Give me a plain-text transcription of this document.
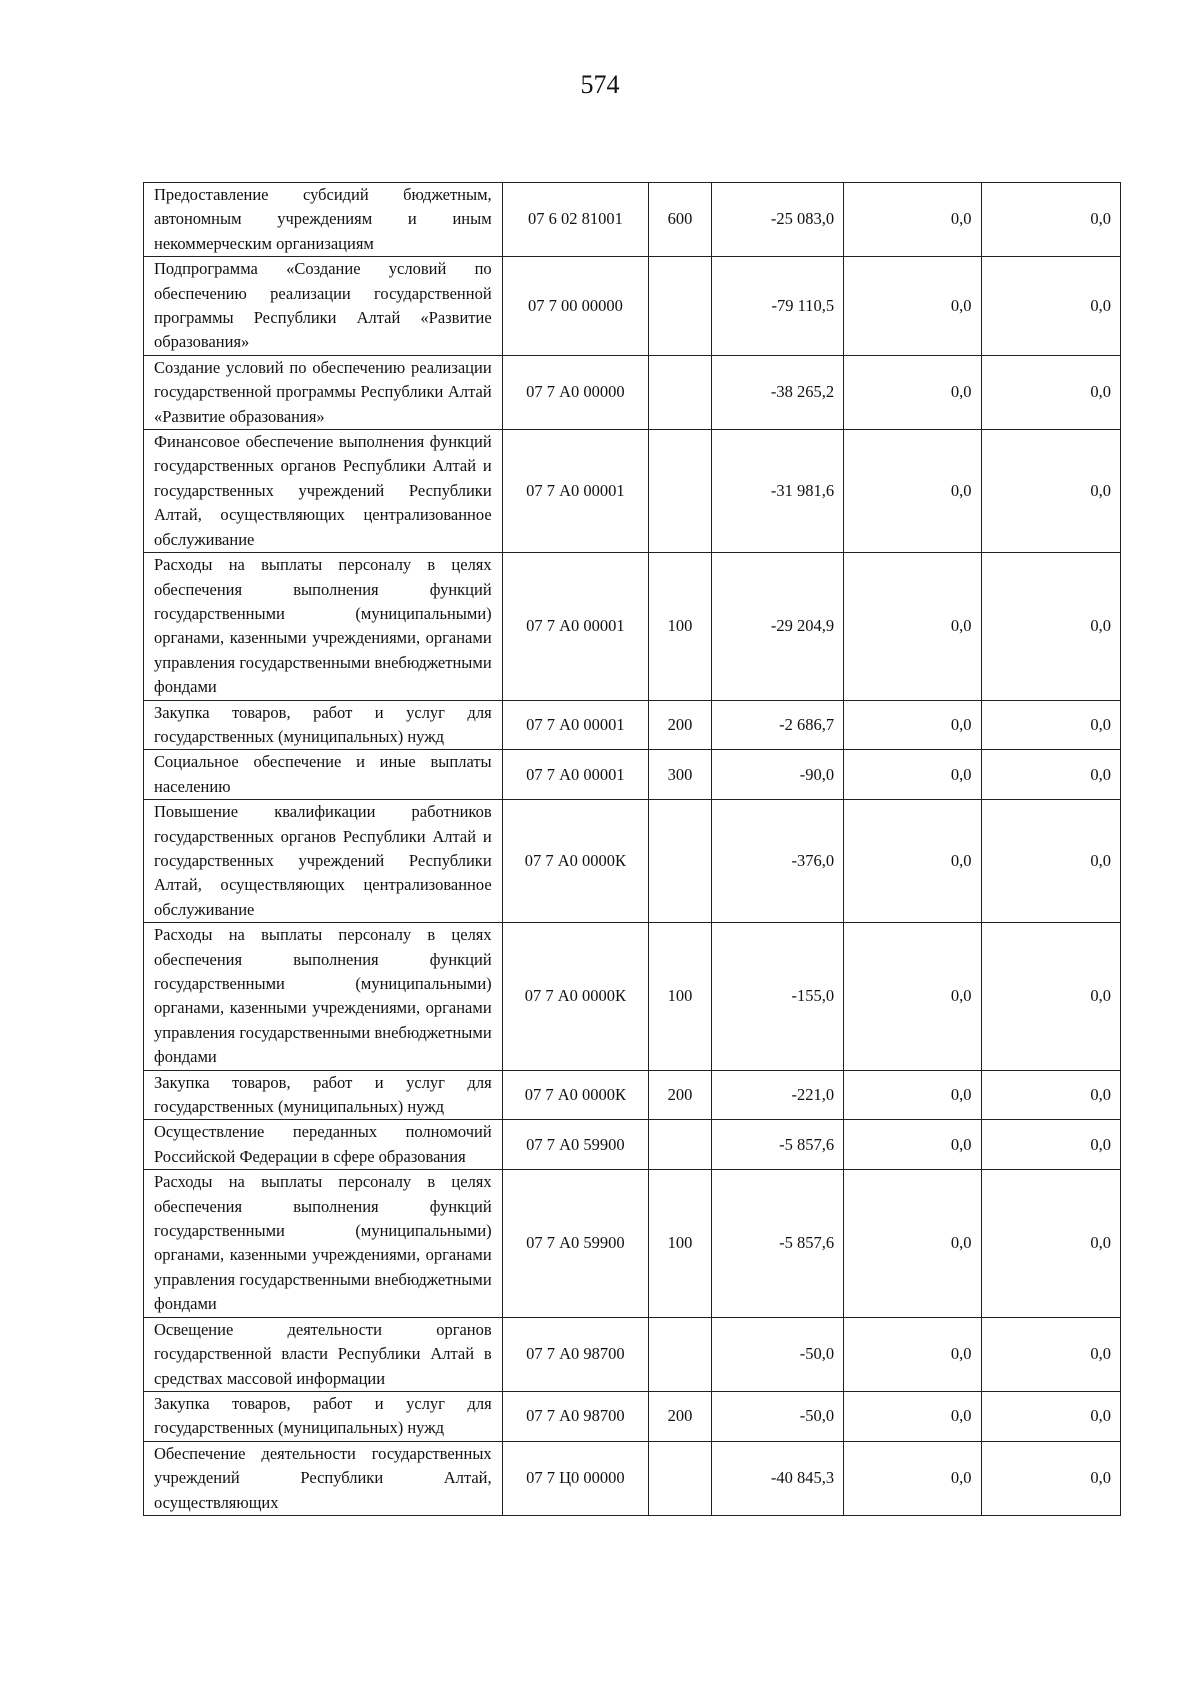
574
Предоставление субсидий бюджетным, автономным учреждениям и иным некоммерческим организациям	07 6 02 81001	600	-25 083,0	0,0	0,0
Подпрограмма «Создание условий по обеспечению реализации государственной программы Республики Алтай «Развитие образования»	07 7 00 00000		-79 110,5	0,0	0,0
Создание условий по обеспечению реализации государственной программы Республики Алтай «Развитие образования»	07 7 А0 00000		-38 265,2	0,0	0,0
Финансовое обеспечение выполнения функций государственных органов Республики Алтай и государственных учреждений Республики Алтай, осуществляющих централизованное обслуживание	07 7 А0 00001		-31 981,6	0,0	0,0
Расходы на выплаты персоналу в целях обеспечения выполнения функций государственными (муниципальными) органами, казенными учреждениями, органами управления государственными внебюджетными фондами	07 7 А0 00001	100	-29 204,9	0,0	0,0
Закупка товаров, работ и услуг для государственных (муниципальных) нужд	07 7 А0 00001	200	-2 686,7	0,0	0,0
Социальное обеспечение и иные выплаты населению	07 7 А0 00001	300	-90,0	0,0	0,0
Повышение квалификации работников государственных органов Республики Алтай и государственных учреждений Республики Алтай, осуществляющих централизованное обслуживание	07 7 А0 0000К		-376,0	0,0	0,0
Расходы на выплаты персоналу в целях обеспечения выполнения функций государственными (муниципальными) органами, казенными учреждениями, органами управления государственными внебюджетными фондами	07 7 А0 0000К	100	-155,0	0,0	0,0
Закупка товаров, работ и услуг для государственных (муниципальных) нужд	07 7 А0 0000К	200	-221,0	0,0	0,0
Осуществление переданных полномочий Российской Федерации в сфере образования	07 7 А0 59900		-5 857,6	0,0	0,0
Расходы на выплаты персоналу в целях обеспечения выполнения функций государственными (муниципальными) органами, казенными учреждениями, органами управления государственными внебюджетными фондами	07 7 А0 59900	100	-5 857,6	0,0	0,0
Освещение деятельности органов государственной власти Республики Алтай в средствах массовой информации	07 7 А0 98700		-50,0	0,0	0,0
Закупка товаров, работ и услуг для государственных (муниципальных) нужд	07 7 А0 98700	200	-50,0	0,0	0,0
Обеспечение деятельности государственных учреждений Республики Алтай, осуществляющих	07 7 Ц0 00000		-40 845,3	0,0	0,0
